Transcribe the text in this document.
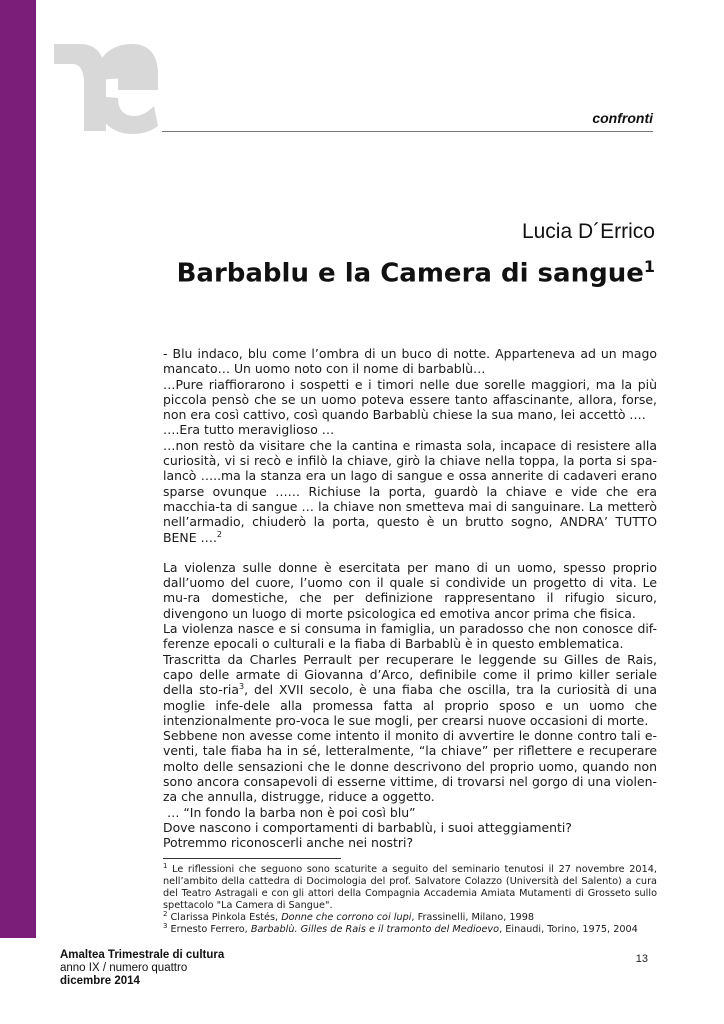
confronti
Lucia D´Errico
Barbablu e la Camera di sangue$^1$

- Blu indaco, blu come l’ombra di un buco di notte. Apparteneva ad un mago mancato… Un uomo noto con il nome di barbablù…

…Pure riaffiorarono i sospetti e i timori nelle due sorelle maggiori, ma la più piccola pensò che se un uomo poteva essere tanto affascinante, allora, forse, non era così cattivo, così quando Barbablù chiese la sua mano, lei accettò .…

….Era tutto meraviglioso …

…non restò da visitare che la cantina e rimasta sola, incapace di resistere alla curiosità, vi si recò e infilò la chiave, girò la chiave nella toppa, la porta si spa-lancò …..ma la stanza era un lago di sangue e ossa annerite di cadaveri erano sparse ovunque …… Richiuse la porta, guardò la chiave e vide che era macchia-ta di sangue … la chiave non smetteva mai di sanguinare. La metterò nell’armadio, chiuderò la porta, questo è un brutto sogno, ANDRA’ TUTTO BENE ….$^2$

La violenza sulle donne è esercitata per mano di un uomo, spesso proprio dall’uomo del cuore, l’uomo con il quale si condivide un progetto di vita. Le mu-ra domestiche, che per definizione rappresentano il rifugio sicuro, divengono un luogo di morte psicologica ed emotiva ancor prima che fisica.

La violenza nasce e si consuma in famiglia, un paradosso che non conosce dif-ferenze epocali o culturali e la fiaba di Barbablù è in questo emblematica.

Trascritta da Charles Perrault per recuperare le leggende su Gilles de Rais, capo delle armate di Giovanna d’Arco, definibile come il primo killer seriale della sto-ria$^3$, del XVII secolo, è una fiaba che oscilla, tra la curiosità di una moglie infe-dele alla promessa fatta al proprio sposo e un uomo che intenzionalmente pro-voca le sue mogli, per crearsi nuove occasioni di morte.

Sebbene non avesse come intento il monito di avvertire le donne contro tali e-venti, tale fiaba ha in sé, letteralmente, “la chiave” per riflettere e recuperare molto delle sensazioni che le donne descrivono del proprio uomo, quando non sono ancora consapevoli di esserne vittime, di trovarsi nel gorgo di una violen-za che annulla, distrugge, riduce a oggetto.

… “In fondo la barba non è poi così blu”

Dove nascono i comportamenti di barbablù, i suoi atteggiamenti?

Potremmo riconoscerli anche nei nostri?

$^1$ Le riflessioni che seguono sono scaturite a seguito del seminario tenutosi il 27 novembre 2014, nell’ambito della cattedra di Docimologia del prof. Salvatore Colazzo (Università del Salento) a cura del Teatro Astragali e con gli attori della Compagnia Accademia Amiata Mutamenti di Grosseto sullo spettacolo "La Camera di Sangue".

$^2$ Clarissa Pinkola Estés, Donne che corrono coi lupi, Frassinelli, Milano, 1998

$^3$ Ernesto Ferrero, Barbablù. Gilles de Rais e il tramonto del Medioevo, Einaudi, Torino, 1975, 2004

Amaltea Trimestrale di cultura
anno IX / numero quattro
dicembre 2014
13
